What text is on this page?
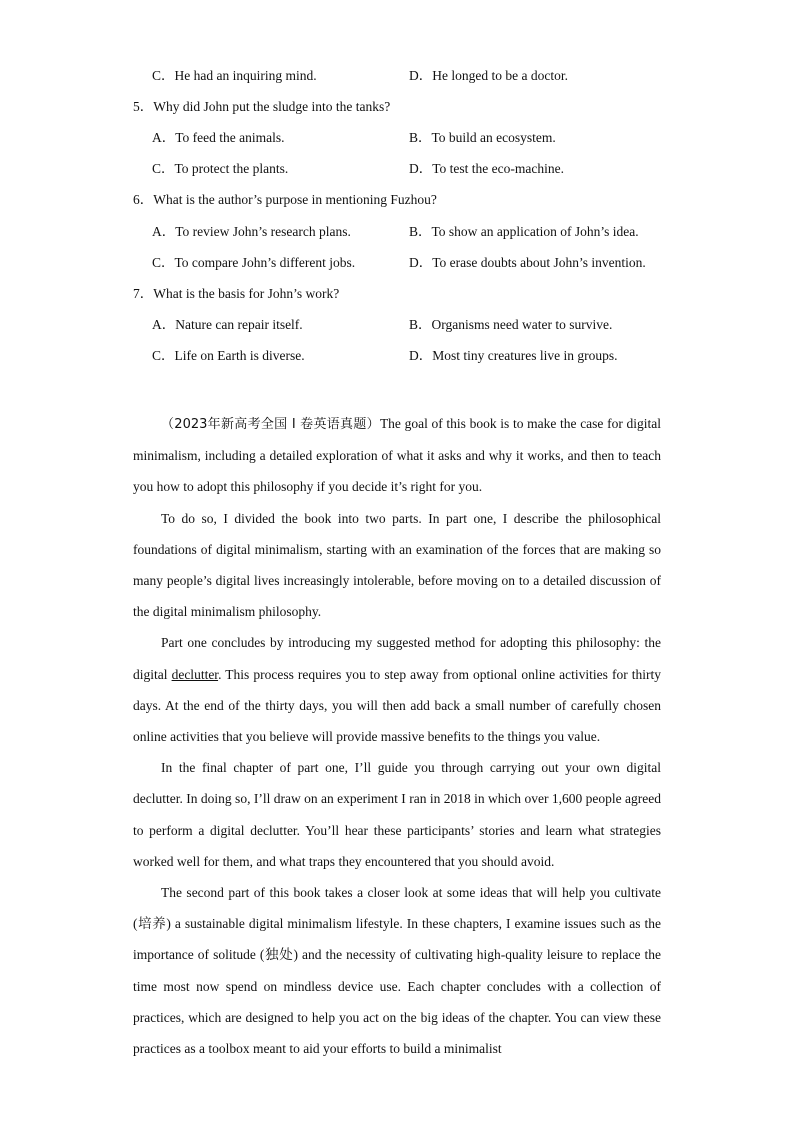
C．He had an inquiring mind.	D．He longed to be a doctor.
5．Why did John put the sludge into the tanks?
A．To feed the animals.	B．To build an ecosystem.
C．To protect the plants.	D．To test the eco-machine.
6．What is the author’s purpose in mentioning Fuzhou?
A．To review John’s research plans.	B．To show an application of John’s idea.
C．To compare John’s different jobs.	D．To erase doubts about John’s invention.
7．What is the basis for John’s work?
A．Nature can repair itself.	B．Organisms need water to survive.
C．Life on Earth is diverse.	D．Most tiny creatures live in groups.

（2023年新高考全国 I 卷英语真题）The goal of this book is to make the case for digital minimalism, including a detailed exploration of what it asks and why it works, and then to teach you how to adopt this philosophy if you decide it’s right for you.

To do so, I divided the book into two parts. In part one, I describe the philosophical foundations of digital minimalism, starting with an examination of the forces that are making so many people’s digital lives increasingly intolerable, before moving on to a detailed discussion of the digital minimalism philosophy.

Part one concludes by introducing my suggested method for adopting this philosophy: the digital declutter. This process requires you to step away from optional online activities for thirty days. At the end of the thirty days, you will then add back a small number of carefully chosen online activities that you believe will provide massive benefits to the things you value.

In the final chapter of part one, I’ll guide you through carrying out your own digital declutter. In doing so, I’ll draw on an experiment I ran in 2018 in which over 1,600 people agreed to perform a digital declutter. You’ll hear these participants’ stories and learn what strategies worked well for them, and what traps they encountered that you should avoid.

The second part of this book takes a closer look at some ideas that will help you cultivate (培养) a sustainable digital minimalism lifestyle. In these chapters, I examine issues such as the importance of solitude (独处) and the necessity of cultivating high-quality leisure to replace the time most now spend on mindless device use. Each chapter concludes with a collection of practices, which are designed to help you act on the big ideas of the chapter. You can view these practices as a toolbox meant to aid your efforts to build a minimalist
